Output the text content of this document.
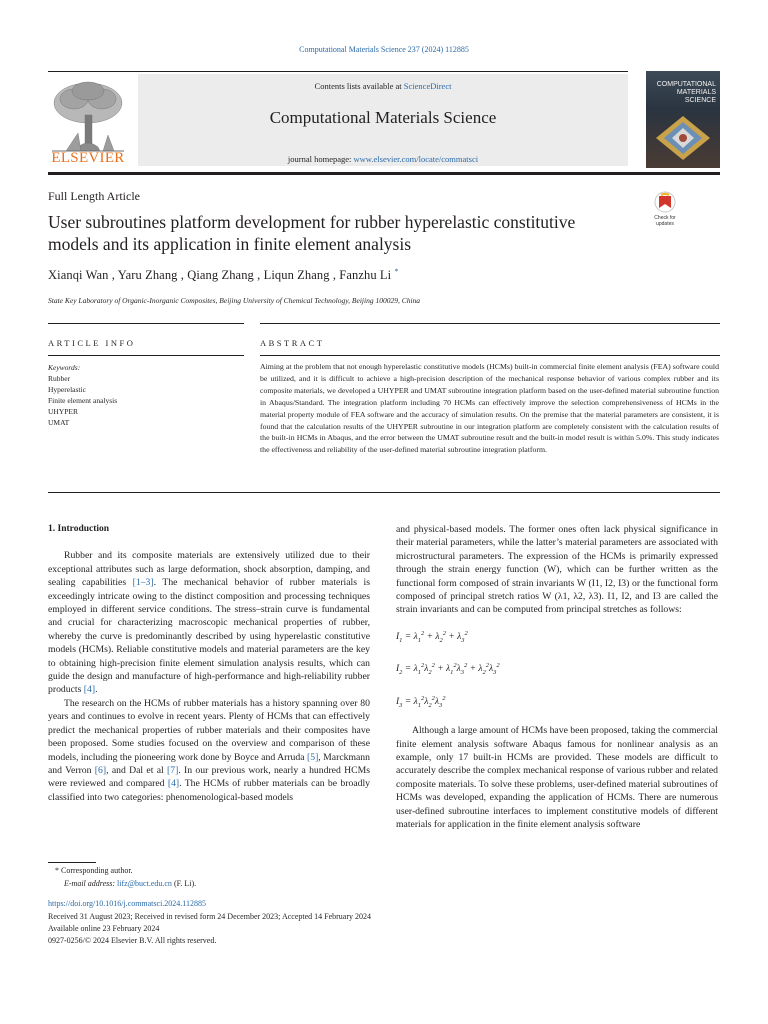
Computational Materials Science 237 (2024) 112885
ELSEVIER
Contents lists available at ScienceDirect
Computational Materials Science
journal homepage: www.elsevier.com/locate/commatsci
COMPUTATIONAL
MATERIALS
SCIENCE
Full Length Article
User subroutines platform development for rubber hyperelastic constitutive
models and its application in finite element analysis
Check for
updates
Xianqi Wan , Yaru Zhang , Qiang Zhang , Liqun Zhang , Fanzhu Li *
State Key Laboratory of Organic-Inorganic Composites, Beijing University of Chemical Technology, Beijing 100029, China
ARTICLE INFO	ABSTRACT
Keywords:
Rubber
Hyperelastic
Finite element analysis
UHYPER
UMAT
Aiming at the problem that not enough hyperelastic constitutive models (HCMs) built-in commercial finite element analysis (FEA) software could be utilized, and it is difficult to achieve a high-precision description of the mechanical response behavior of various complex rubber and its composite materials, we developed a UHYPER and UMAT subroutine integration platform based on the user-defined material subroutine function in Abaqus/Standard. The integration platform including 70 HCMs can effectively improve the selection comprehensiveness of HCMs in the material property module of FEA software and the accuracy of simulation results. On the premise that the material parameters are consistent, it is found that the calculation results of the UHYPER subroutine in our integration platform are completely consistent with the calculation results of the built-in HCMs in Abaqus, and the error between the UMAT subroutine result and the built-in model result is within 5.0%. This study indicates the effectiveness and reliability of the user-defined material subroutine integration platform.
1. Introduction

Rubber and its composite materials are extensively utilized due to their exceptional attributes such as large deformation, shock absorption, damping, and sealing capabilities [1–3]. The mechanical behavior of rubber materials is exceedingly intricate owing to the distinct composition and processing techniques employed in different service conditions. The stress–strain curve is fundamental and crucial for characterizing macroscopic mechanical properties of rubber, whereby the curve is predominantly described by using hyperelastic constitutive models (HCMs). Reliable constitutive models and material parameters are the key to obtaining high-precision finite element simulation analysis results, which can guide the design and manufacture of high-performance and high-reliability rubber products [4].

The research on the HCMs of rubber materials has a history spanning over 80 years and continues to evolve in recent years. Plenty of HCMs that can effectively predict the mechanical properties of rubber materials and their composites have been proposed. Some studies focused on the overview and comparison of these models, including the pioneering work done by Boyce and Arruda [5], Marckmann and Verron [6], and Dal et al [7]. In our previous work, nearly a hundred HCMs were reviewed and compared [4]. The HCMs of rubber materials can be broadly classified into two categories: phenomenological-based models

and physical-based models. The former ones often lack physical significance in their material parameters, while the latter’s material parameters are associated with microstructural parameters. The expression of the HCMs is primarily expressed through the strain energy function (W), which can be further written as the functional form composed of strain invariants W (I1, I2, I3) or the functional form composed of principal stretch ratios W (λ1, λ2, λ3). I1, I2, and I3 are called the strain invariants and can be computed from principal stretches as follows:

$I_1 = \lambda_1^2 + \lambda_2^2 + \lambda_3^2$
$I_2 = \lambda_1^2\lambda_2^2 + \lambda_1^2\lambda_3^2 + \lambda_2^2\lambda_3^2$
$I_3 = \lambda_1^2\lambda_2^2\lambda_3^2$

Although a large amount of HCMs have been proposed, taking the commercial finite element analysis software Abaqus famous for nonlinear analysis as an example, only 17 built-in HCMs are provided. These models are difficult to accurately describe the complex mechanical response of various rubber and related composite materials. To solve these problems, user-defined material subroutines of HCMs was developed, expanding the application of HCMs. There are numerous user-defined subroutine interfaces to implement constitutive models of different materials for application in the finite element analysis software

* Corresponding author.
E-mail address: lifz@buct.edu.cn (F. Li).
https://doi.org/10.1016/j.commatsci.2024.112885
Received 31 August 2023; Received in revised form 24 December 2023; Accepted 14 February 2024
Available online 23 February 2024
0927-0256/© 2024 Elsevier B.V. All rights reserved.
